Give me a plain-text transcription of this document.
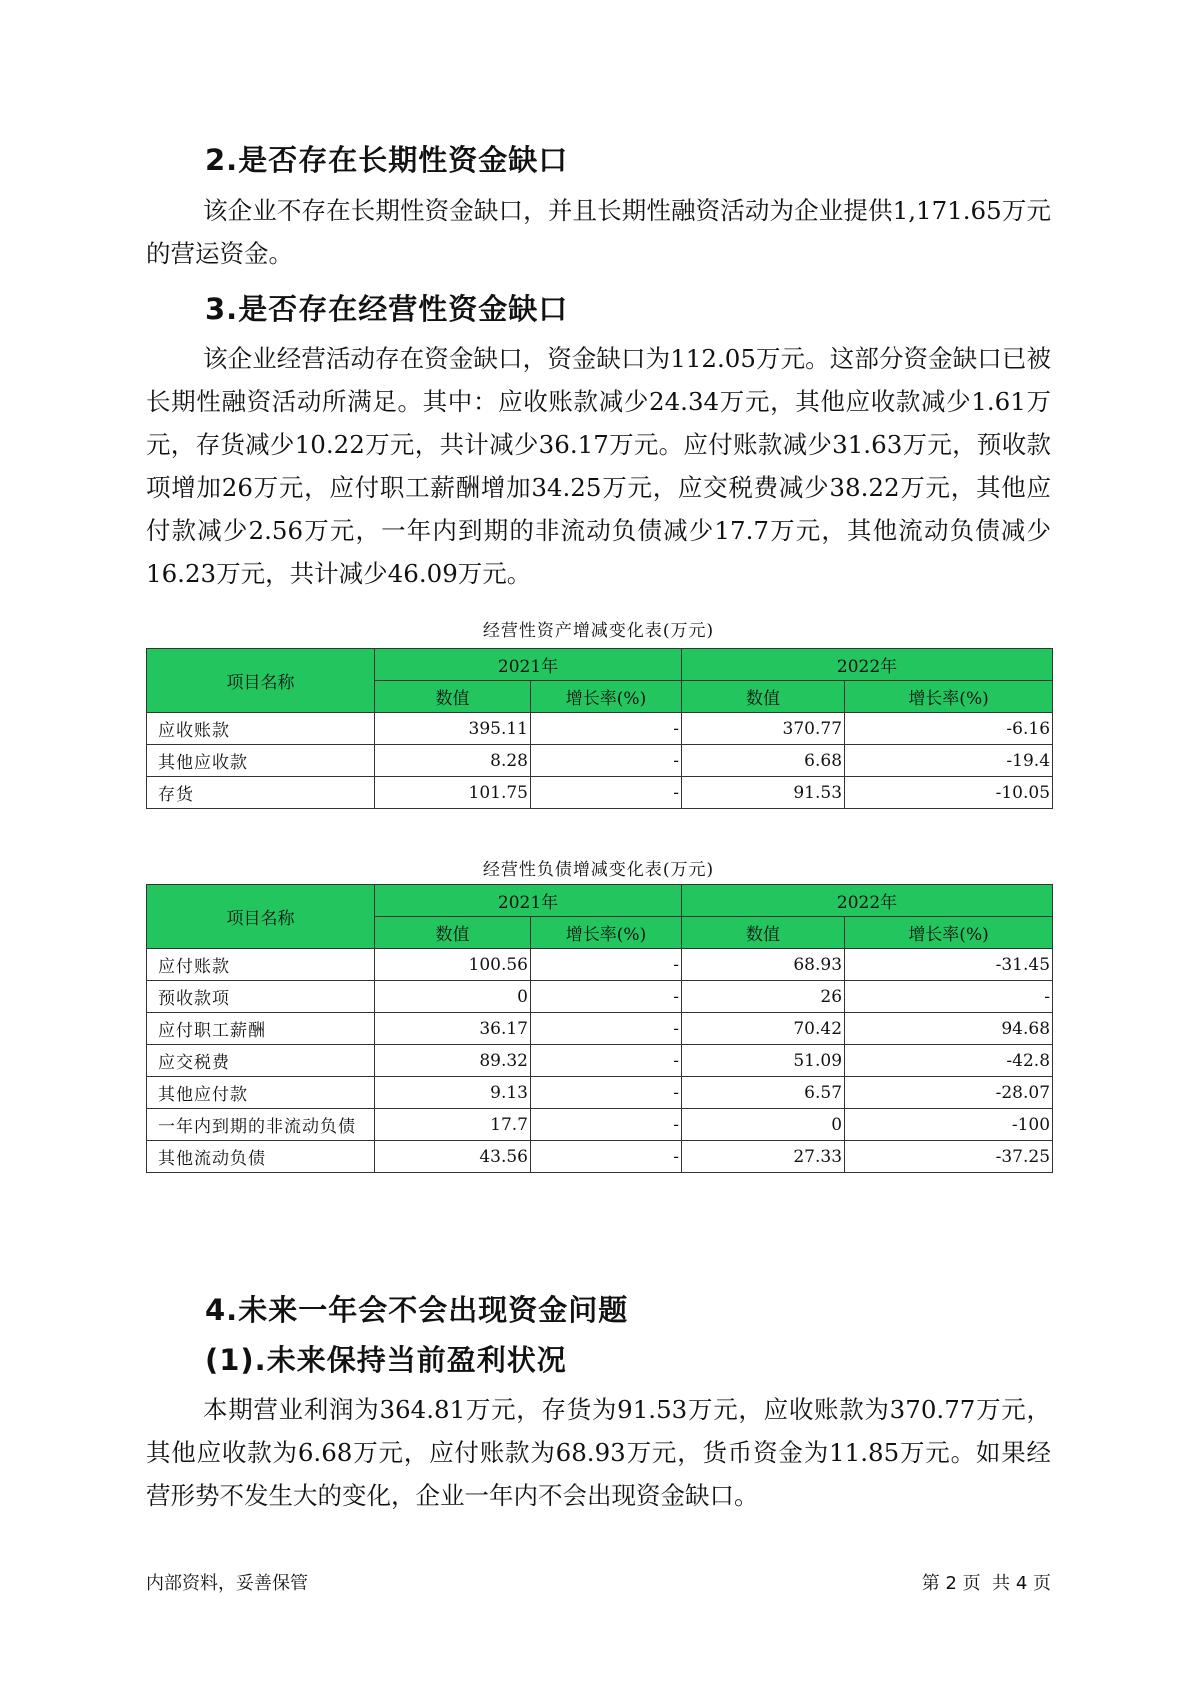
2.是否存在长期性资金缺口

该企业不存在长期性资金缺口，并且长期性融资活动为企业提供1,171.65万元的营运资金。

3.是否存在经营性资金缺口

该企业经营活动存在资金缺口，资金缺口为112.05万元。这部分资金缺口已被长期性融资活动所满足。其中：应收账款减少24.34万元，其他应收款减少1.61万元，存货减少10.22万元，共计减少36.17万元。应付账款减少31.63万元，预收款项增加26万元，应付职工薪酬增加34.25万元，应交税费减少38.22万元，其他应付款减少2.56万元，一年内到期的非流动负债减少17.7万元，其他流动负债减少16.23万元，共计减少46.09万元。

经营性资产增减变化表(万元)
项目名称	2021年		2022年	
	数值	增长率(%)	数值	增长率(%)
应收账款	395.11	-	370.77	-6.16
其他应收款	8.28	-	6.68	-19.4
存货	101.75	-	91.53	-10.05
经营性负债增减变化表(万元)
项目名称	2021年		2022年	
	数值	增长率(%)	数值	增长率(%)
应付账款	100.56	-	68.93	-31.45
预收款项	0	-	26	-
应付职工薪酬	36.17	-	70.42	94.68
应交税费	89.32	-	51.09	-42.8
其他应付款	9.13	-	6.57	-28.07
一年内到期的非流动负债	17.7	-	0	-100
其他流动负债	43.56	-	27.33	-37.25
4.未来一年会不会出现资金问题
(1).未来保持当前盈利状况

本期营业利润为364.81万元，存货为91.53万元，应收账款为370.77万元，其他应收款为6.68万元，应付账款为68.93万元，货币资金为11.85万元。如果经营形势不发生大的变化，企业一年内不会出现资金缺口。

内部资料，妥善保管	第 2 页  共 4 页
